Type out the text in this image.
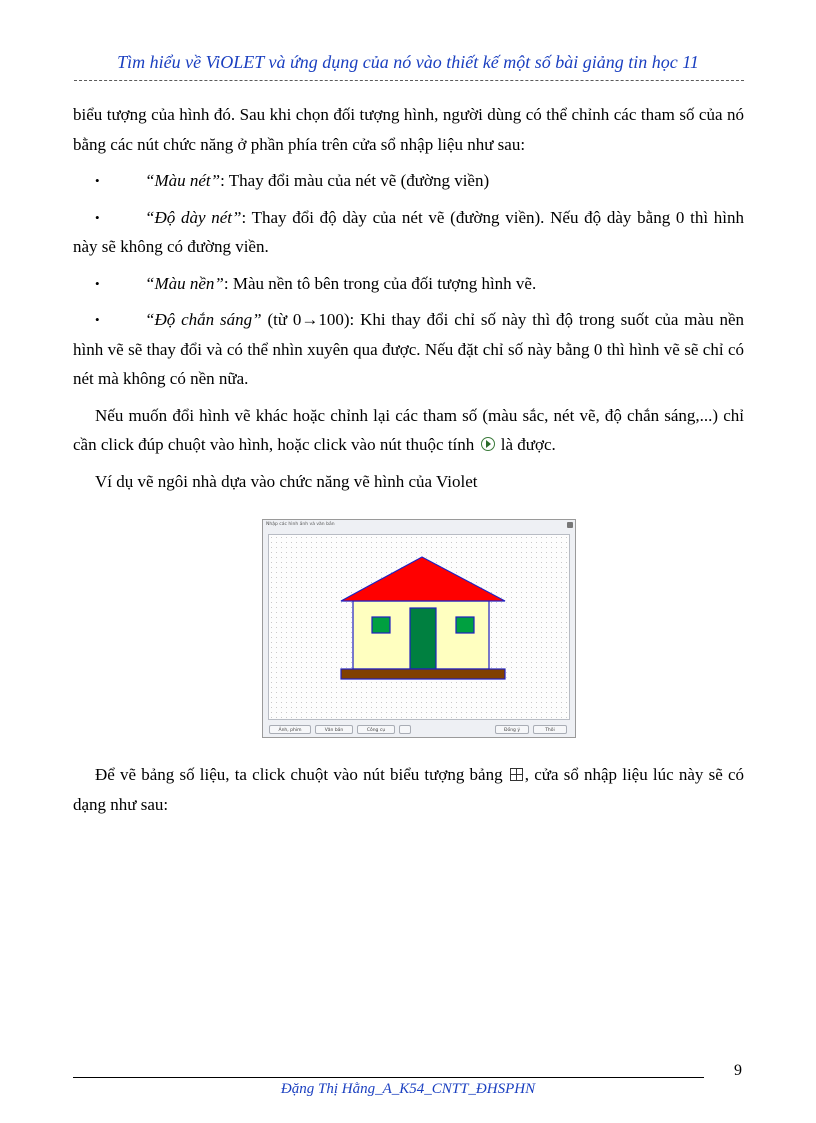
Tìm hiểu về ViOLET và ứng dụng của nó vào thiết kế một số bài giảng tin học 11

biểu tượng của hình đó. Sau khi chọn đối tượng hình, người dùng có thể chỉnh các tham số của nó bằng các nút chức năng ở phần phía trên cửa sổ nhập liệu như sau:

•	“Màu nét”: Thay đổi màu của nét vẽ (đường viền)

•	“Độ dày nét”: Thay đổi độ dày của nét vẽ (đường viền). Nếu độ dày bằng 0 thì hình này sẽ không có đường viền.

•	“Màu nền”: Màu nền tô bên trong của đối tượng hình vẽ.

•	“Độ chắn sáng” (từ 0→100): Khi thay đổi chỉ số này thì độ trong suốt của màu nền hình vẽ sẽ thay đổi và có thể nhìn xuyên qua được. Nếu đặt chỉ số này bằng 0 thì hình vẽ sẽ chỉ có nét mà không có nền nữa.

Nếu muốn đổi hình vẽ khác hoặc chỉnh lại các tham số (màu sắc, nét vẽ, độ chắn sáng,...) chỉ cần click đúp chuột vào hình, hoặc click vào nút thuộc tính là được.

Ví dụ vẽ ngôi nhà dựa vào chức năng vẽ hình của Violet

Nhập các hình ảnh và văn bản
Ảnh, phim	Văn bản	Công cụ	Đồng ý	Thôi

Để vẽ bảng số liệu, ta click chuột vào nút biểu tượng bảng , cửa sổ nhập liệu lúc này sẽ có dạng như sau:

9
Đặng Thị Hằng_A_K54_CNTT_ĐHSPHN
